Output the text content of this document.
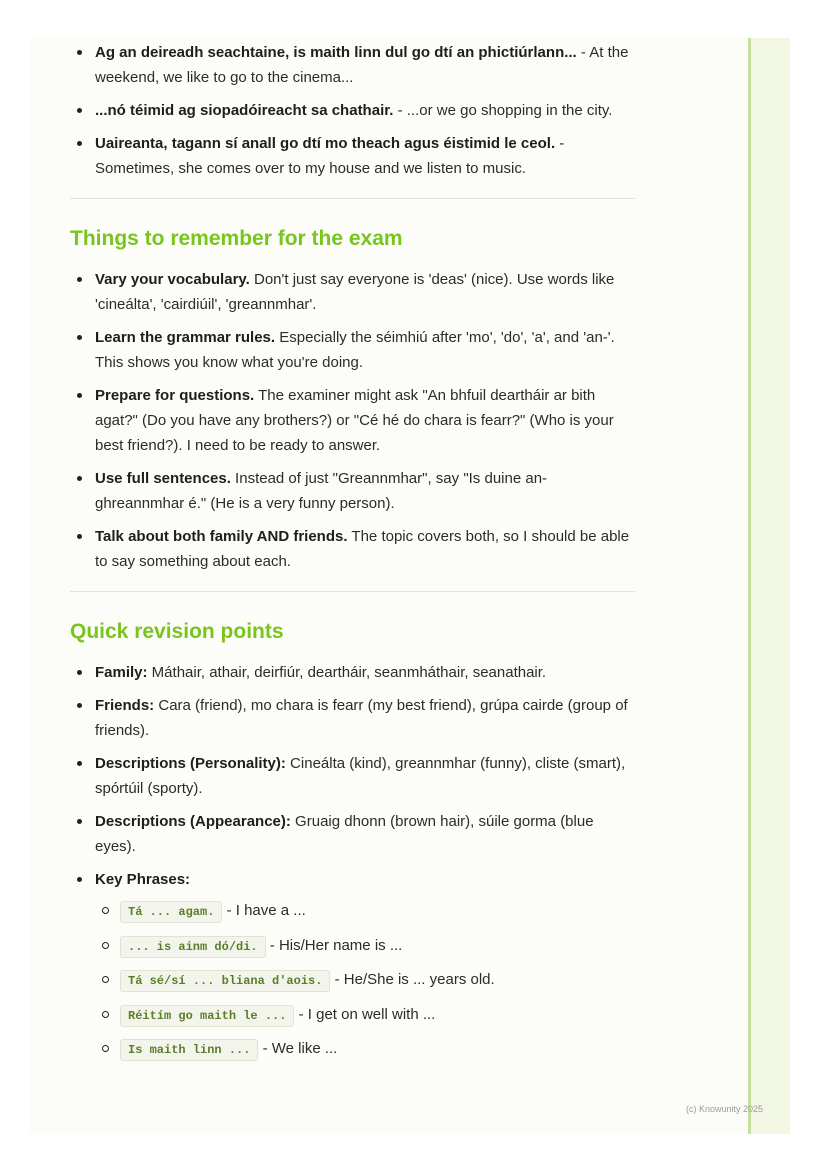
Ag an deireadh seachtaine, is maith linn dul go dtí an phictiúrlann... - At the weekend, we like to go to the cinema...
...nó téimid ag siopadóireacht sa chathair. - ...or we go shopping in the city.
Uaireanta, tagann sí anall go dtí mo theach agus éistimid le ceol. - Sometimes, she comes over to my house and we listen to music.
Things to remember for the exam
Vary your vocabulary. Don't just say everyone is 'deas' (nice). Use words like 'cineálta', 'cairdiúil', 'greannmhar'.
Learn the grammar rules. Especially the séimhiú after 'mo', 'do', 'a', and 'an-'. This shows you know what you're doing.
Prepare for questions. The examiner might ask "An bhfuil deartháir ar bith agat?" (Do you have any brothers?) or "Cé hé do chara is fearr?" (Who is your best friend?). I need to be ready to answer.
Use full sentences. Instead of just "Greannmhar", say "Is duine an-ghreannmhar é." (He is a very funny person).
Talk about both family AND friends. The topic covers both, so I should be able to say something about each.
Quick revision points
Family: Máthair, athair, deirfiúr, deartháir, seanmháthair, seanathair.
Friends: Cara (friend), mo chara is fearr (my best friend), grúpa cairde (group of friends).
Descriptions (Personality): Cineálta (kind), greannmhar (funny), cliste (smart), spórtúil (sporty).
Descriptions (Appearance): Gruaig dhonn (brown hair), súile gorma (blue eyes).
Key Phrases:
Tá ... agam. - I have a ...
... is ainm dó/di. - His/Her name is ...
Tá sé/sí ... bliana d'aois. - He/She is ... years old.
Réitím go maith le ... - I get on well with ...
Is maith linn ... - We like ...
(c) Knowunity 2025
